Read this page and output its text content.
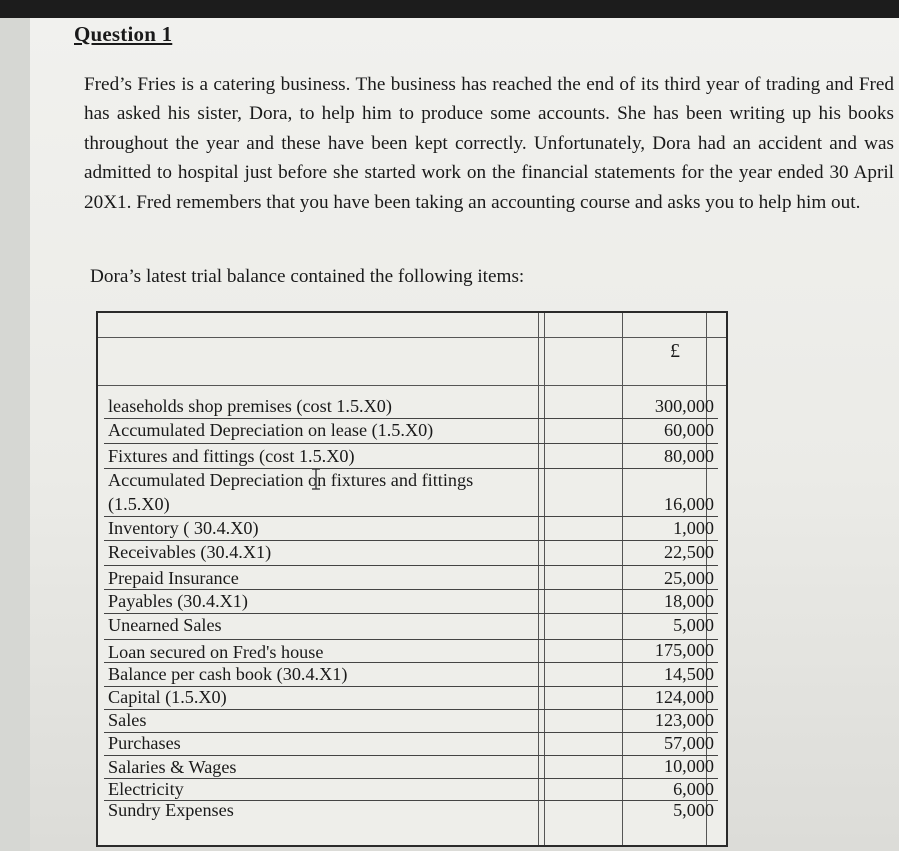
Question 1
Fred’s Fries is a catering business. The business has reached the end of its third year of trading and Fred has asked his sister, Dora, to help him to produce some accounts. She has been writing up his books throughout the year and these have been kept correctly. Unfortunately, Dora had an accident and was admitted to hospital just before she started work on the financial statements for the year ended 30 April 20X1. Fred remembers that you have been taking an accounting course and asks you to help him out.
Dora’s latest trial balance contained the following items:
£
leaseholds shop premises (cost 1.5.X0)	300,000
Accumulated Depreciation on lease (1.5.X0)	60,000
Fixtures and fittings (cost 1.5.X0)	80,000
Accumulated Depreciation on fixtures and fittings
(1.5.X0)	16,000
Inventory ( 30.4.X0)	1,000
Receivables (30.4.X1)	22,500
Prepaid Insurance	25,000
Payables (30.4.X1)	18,000
Unearned Sales	5,000
Loan secured on Fred's house	175,000
Balance per cash book (30.4.X1)	14,500
Capital (1.5.X0)	124,000
Sales	123,000
Purchases	57,000
Salaries & Wages	10,000
Electricity	6,000
Sundry Expenses	5,000
